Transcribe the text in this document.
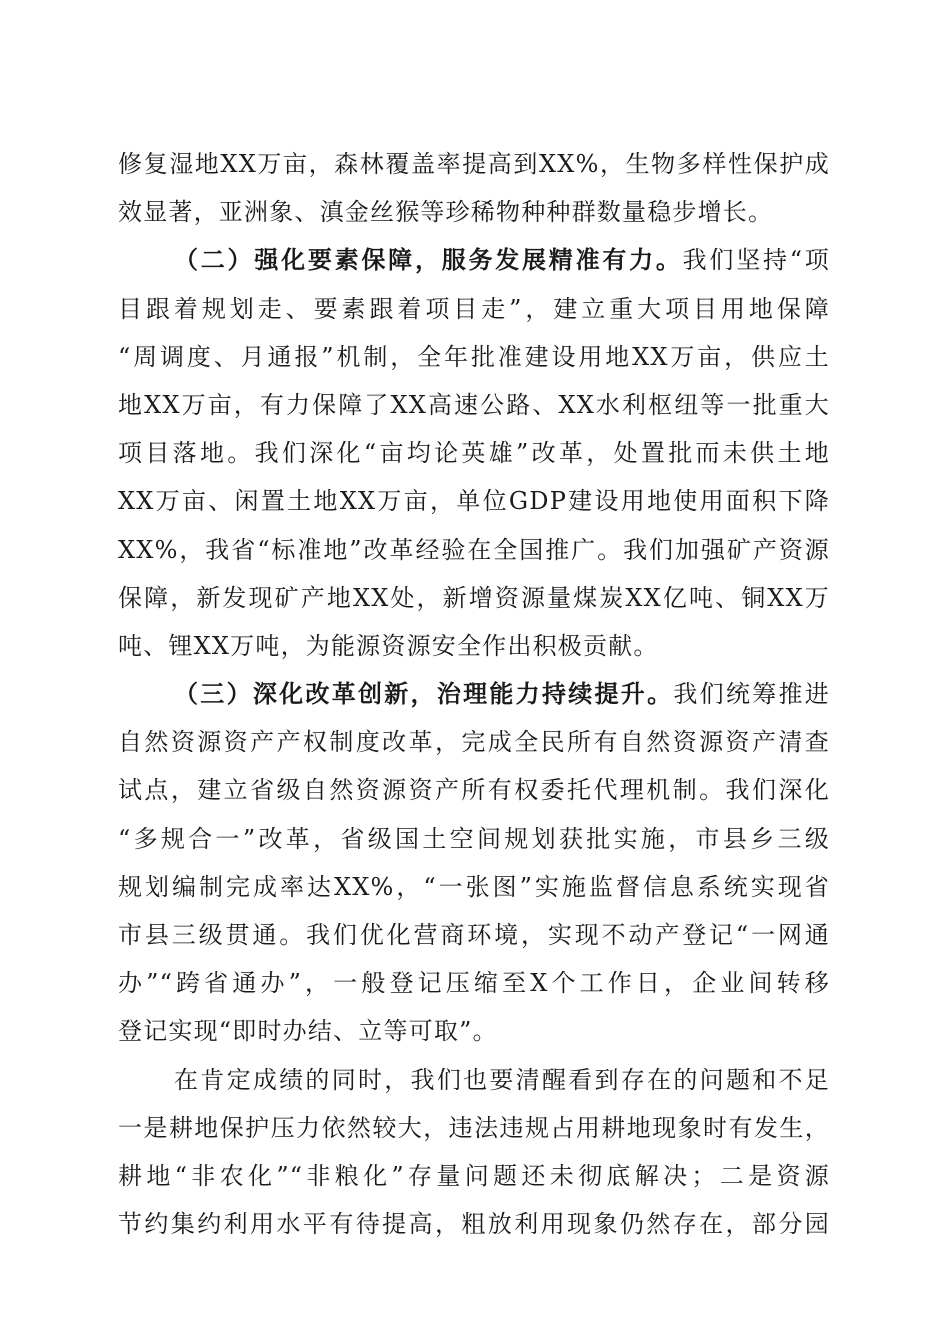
修复湿地XX万亩，森林覆盖率提高到XX%，生物多样性保护成
效显著，亚洲象、滇金丝猴等珍稀物种种群数量稳步增长。
（二）强化要素保障，服务发展精准有力。我们坚持“项
目跟着规划走、要素跟着项目走”，建立重大项目用地保障
“周调度、月通报”机制，全年批准建设用地XX万亩，供应土
地XX万亩，有力保障了XX高速公路、XX水利枢纽等一批重大
项目落地。我们深化“亩均论英雄”改革，处置批而未供土地
XX万亩、闲置土地XX万亩，单位GDP建设用地使用面积下降
XX%，我省“标准地”改革经验在全国推广。我们加强矿产资源
保障，新发现矿产地XX处，新增资源量煤炭XX亿吨、铜XX万
吨、锂XX万吨，为能源资源安全作出积极贡献。
（三）深化改革创新，治理能力持续提升。我们统筹推进
自然资源资产产权制度改革，完成全民所有自然资源资产清查
试点，建立省级自然资源资产所有权委托代理机制。我们深化
“多规合一”改革，省级国土空间规划获批实施，市县乡三级
规划编制完成率达XX%，“一张图”实施监督信息系统实现省
市县三级贯通。我们优化营商环境，实现不动产登记“一网通
办”“跨省通办”，一般登记压缩至X个工作日，企业间转移
登记实现“即时办结、立等可取”。
在肯定成绩的同时，我们也要清醒看到存在的问题和不足
一是耕地保护压力依然较大，违法违规占用耕地现象时有发生，
耕地“非农化”“非粮化”存量问题还未彻底解决；二是资源
节约集约利用水平有待提高，粗放利用现象仍然存在，部分园
